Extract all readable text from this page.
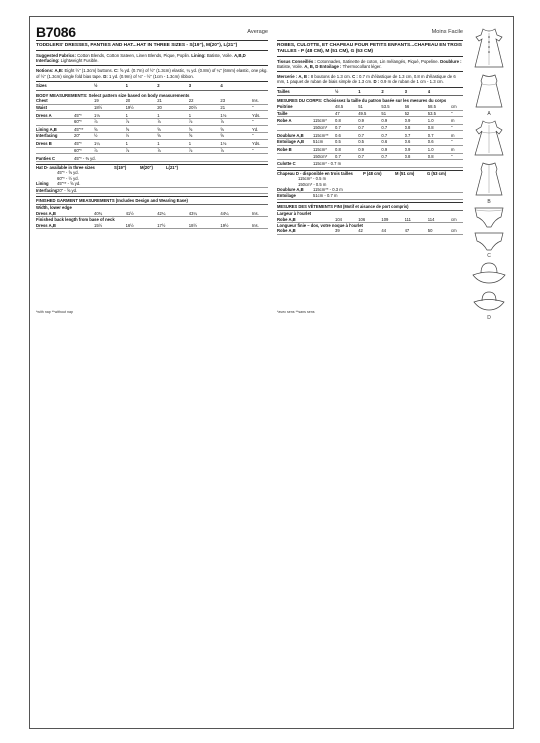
B7086	Average
TODDLERS' DRESSES, PANTIES AND HAT...HAT IN THREE SIZES - S(19"), M(20"), L(21")
Suggested Fabrics: Cotton Blends, Cotton Sateen, Linen Blends, Pique, Poplin. Lining: Batiste, Voile. A,B,D Interfacing: Lightweight Fusible.
Notions: A,B: Eight ½" (1.3cm) buttons. C: ⅝ yd. (0.7m) of ½" (1.3cm) elastic, ¼ yd. (0.8m) of ¼" (6mm) elastic, one pkg. of ½" (1.3cm) single fold bias tape. D: 1 yd. (0.9m) of ⅛" - ½" (1cm - 1.3cm) ribbon.
Sizes		½	1	2	3	4	
BODY MEASUREMENTS: Select pattern size based on body measurements
Chest		19	20	21	22	23	Ins.
Waist		18½	19½	20	20½	21	"
Dress A	45"*	1⅛	1	1	1	1⅛	Yds.
	60"*	⅞	⅞	⅞	⅞	⅞	"
Lining A,B	45"**	⅝	⅝	⅝	⅝	⅝	Yd.
Interfacing	20"	½	½	⅝	⅝	⅝	"
Dress B	45"*	1¼	1	1	1	1⅛	Yds.
	60"*	⅞	⅞	⅞	⅞	⅞	"
Panties C	45"* - ⅜ yd.						
Hat D- available in three sizes	S(19")	M(20")	L(21")
45"* - ⅝ yd.
60"* - ½ yd.
Lining	45"** - ⅝ yd.
Interfacing	20" - ⅝ yd.
FINISHED GARMENT MEASUREMENTS (Includes Design and Wearing Ease)
Width, lower edge
Dress A,B		40¾	41½	42¼	43¼	44¼	Ins.
Finished back length from base of neck							
Dress A,B		15½	16½	17½	18½	19½	Ins.
*with nap **without nap
Moins Facile
ROBES, CULOTTE, ET CHAPEAU POUR PETITS ENFANTS...CHAPEAU EN TROIS TAILLES - P (48 CM), M (51 CM), G (53 CM)
Tissus Conseillés : Cotonnades, Satinette de coton, Lin mélangés, Piqué, Popeline. Doublure : Batiste, Voile. A, B, D Entoilage : Thermocollant léger.
Mercerie : A, B : 8 boutons de 1.3 cm. C : 0.7 m d'élastique de 1.3 cm, 0.8 m d'élastique de 6 mm, 1 paquet de ruban de biais simple de 1.3 cm. D : 0.9 m de ruban de 1 cm - 1.3 cm.
Tailles		½	1	2	3	4	
MESURES DU CORPS: Choisissez la taille du patron basée sur les mesures du corps
Poitrine		48.5	51	53.5	56	58.5	cm
Taille		47	49.5	51	52	53.5	"
Robe A	115cm*	0.8	0.9	0.9	0.9	1.0	m
	150cm*	0.7	0.7	0.7	0.8	0.8	"
Doublure A,B	115cm**	0.6	0.7	0.7	0.7	0.7	m
Entoilage A,B	51cm	0.5	0.5	0.6	0.6	0.6	"
Robe B	115cm*	0.8	0.9	0.9	0.9	1.0	m
	150cm*	0.7	0.7	0.7	0.8	0.8	"
Culotte C	115cm* - 0.7 m						
Chapeau D - disponible en trois tailles	P (48 cm)	M (51 cm)	G (53 cm)
115cm* - 0.5 m
150cm* - 0.5 m
Doublure A,B	115cm** - 0.3 m
Entoilage	51cm - 0.7 m
MESURES DES VÊTEMENTS FINI (Motif et aisance de port compris)
Largeur à l'ourlet
Robe A,B		104	106	109	111	114	cm
Longueur finie – dos, votre noque à l'ourlet							
Robe A,B		39	42	44	47	50	cm
*avec sens **sans sens
A
B
C
D
